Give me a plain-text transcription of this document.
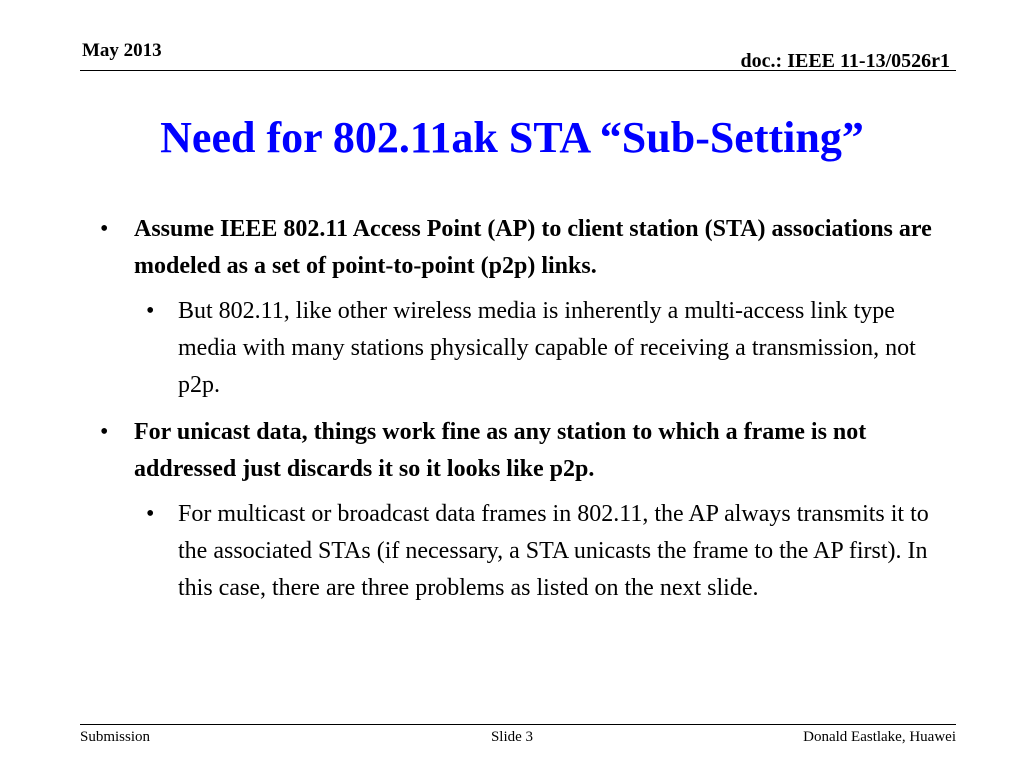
May 2013	doc.: IEEE 11-13/0526r1
Need for 802.11ak STA “Sub-Setting”
• Assume IEEE 802.11 Access Point (AP) to client station (STA) associations are modeled as a set of point-to-point (p2p) links.
• But 802.11, like other wireless media is inherently a multi-access link type media with many stations physically capable of receiving a transmission, not p2p.
• For unicast data, things work fine as any station to which a frame is not addressed just discards it so it looks like p2p.
• For multicast or broadcast data frames in 802.11, the AP always transmits it to the associated STAs (if necessary, a STA unicasts the frame to the AP first). In this case, there are three problems as listed on the next slide.
Submission	Slide 3	Donald Eastlake, Huawei
